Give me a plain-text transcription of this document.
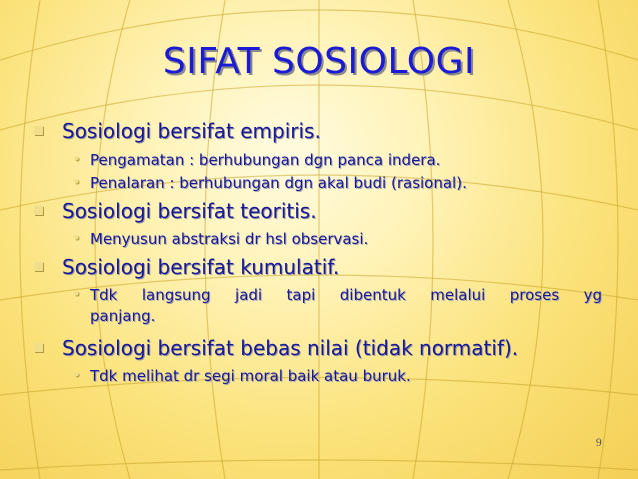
SIFAT SOSIOLOGI
Sosiologi bersifat empiris.
• Pengamatan : berhubungan dgn panca indera.
• Penalaran : berhubungan dgn akal budi (rasional).
Sosiologi bersifat teoritis.
• Menyusun abstraksi dr hsl observasi.
Sosiologi bersifat kumulatif.
• Tdk langsung jadi tapi dibentuk melalui proses yg
panjang.
Sosiologi bersifat bebas nilai (tidak normatif).
• Tdk melihat dr segi moral baik atau buruk.
9
